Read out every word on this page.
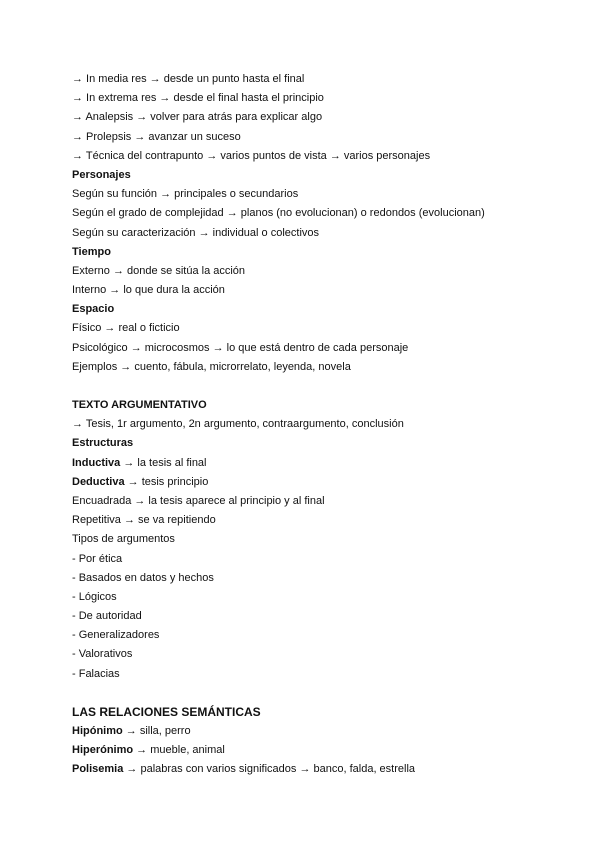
→ In media res → desde un punto hasta el final
→ In extrema res → desde el final hasta el principio
→ Analepsis → volver para atrás para explicar algo
→ Prolepsis → avanzar un suceso
→ Técnica del contrapunto → varios puntos de vista → varios personajes
Personajes
Según su función → principales o secundarios
Según el grado de complejidad → planos (no evolucionan) o redondos (evolucionan)
Según su caracterización → individual o colectivos
Tiempo
Externo → donde se sitúa la acción
Interno → lo que dura la acción
Espacio
Físico → real o ficticio
Psicológico → microcosmos → lo que está dentro de cada personaje
Ejemplos → cuento, fábula, microrrelato, leyenda, novela
TEXTO ARGUMENTATIVO
→ Tesis, 1r argumento, 2n argumento, contraargumento, conclusión
Estructuras
Inductiva → la tesis al final
Deductiva → tesis principio
Encuadrada → la tesis aparece al principio y al final
Repetitiva → se va repitiendo
Tipos de argumentos
- Por ética
- Basados en datos y hechos
- Lógicos
- De autoridad
- Generalizadores
- Valorativos
- Falacias
LAS RELACIONES SEMÁNTICAS
Hipónimo → silla, perro
Hiperónimo → mueble, animal
Polisemia → palabras con varios significados → banco, falda, estrella
